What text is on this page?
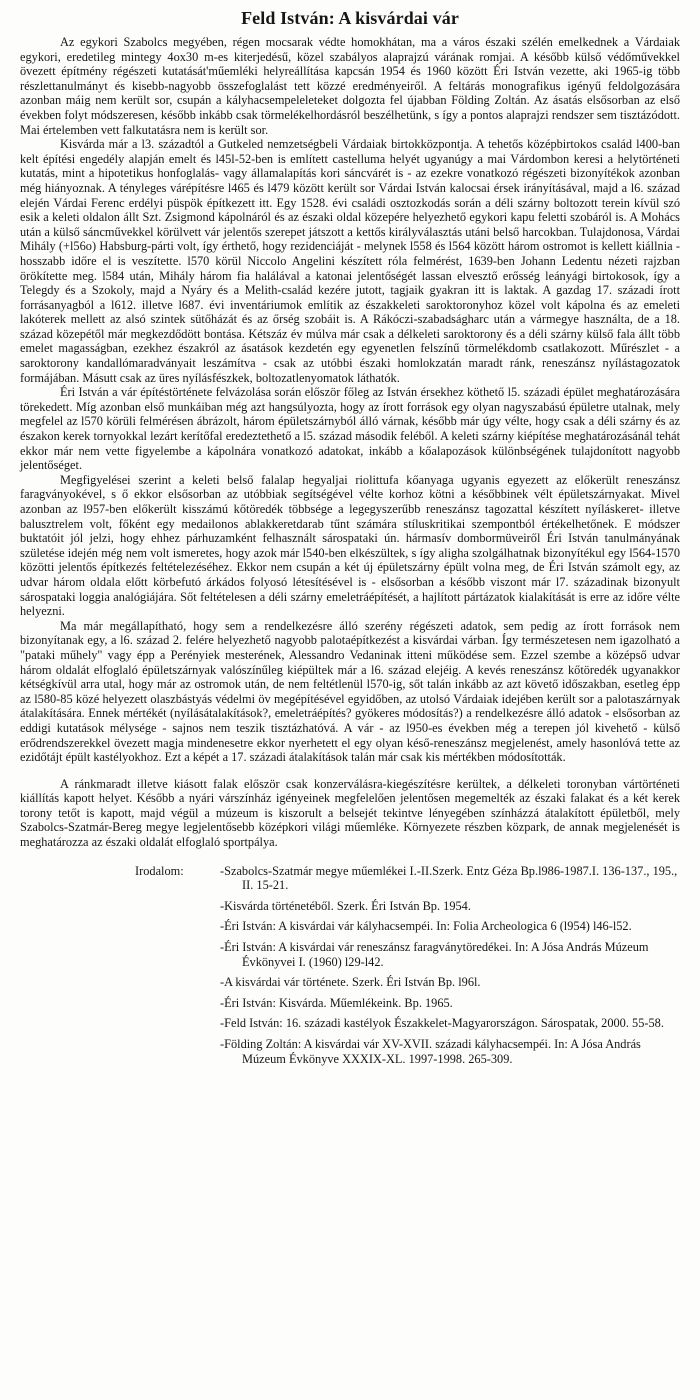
Feld István: A kisvárdai vár

Az egykori Szabolcs megyében, régen mocsarak védte homokhátan, ma a város északi szélén emelkednek a Várdaiak egykori, eredetileg mintegy 4ox30 m-es kiterjedésű, közel szabályos alaprajzú várának romjai. A később külső védőművekkel övezett építmény régészeti kutatását'műemléki helyreállítása kapcsán 1954 és 1960 között Éri István vezette, aki 1965-ig több részlettanulmányt és kisebb-nagyobb összefoglalást tett közzé eredményeiről. A feltárás monografikus igényű feldolgozására azonban máig nem került sor, csupán a kályhacsempeleleteket dolgozta fel újabban Földing Zoltán. Az ásatás elsősorban az első években folyt módszeresen, később inkább csak törmelékelhordásról beszélhetünk, s így a pontos alaprajzi rendszer sem tisztázódott. Mai értelemben vett falkutatásra nem is került sor.

Kisvárda már a l3. századtól a Gutkeled nemzetségbeli Várdaiak birtokközpontja. A tehetős középbirtokos család l400-ban kelt építési engedély alapján emelt és l45l-52-ben is említett castelluma helyét ugyanúgy a mai Várdombon keresi a helytörténeti kutatás, mint a hipotetikus honfoglalás- vagy államalapítás kori sáncvárét is - az ezekre vonatkozó régészeti bizonyítékok azonban még hiányoznak. A tényleges várépítésre l465 és l479 között került sor Várdai István kalocsai érsek irányításával, majd a l6. század elején Várdai Ferenc erdélyi püspök építkezett itt. Egy 1528. évi családi osztozkodás során a déli szárny boltozott terein kívül szó esik a keleti oldalon állt Szt. Zsigmond kápolnáról és az északi oldal közepére helyezhető egykori kapu feletti szobáról is. A Mohács után a külső sáncművekkel körülvett vár jelentős szerepet játszott a kettős királyválasztás utáni belső harcokban. Tulajdonosa, Várdai Mihály (+l56o) Habsburg-párti volt, így érthető, hogy rezidenciáját - melynek l558 és l564 között három ostromot is kellett kiállnia - hosszabb időre el is veszítette. l570 körül Niccolo Angelini készített róla felmérést, 1639-ben Johann Ledentu nézeti rajzban örökítette meg. l584 után, Mihály három fia halálával a katonai jelentőségét lassan elvesztő erősség leányági birtokosok, így a Telegdy és a Szokoly, majd a Nyáry és a Melith-család kezére jutott, tagjaik gyakran itt is laktak. A gazdag 17. századi írott forrásanyagból a l612. illetve l687. évi inventáriumok említik az északkeleti saroktoronyhoz közel volt kápolna és az emeleti lakóterek mellett az alsó szintek sütőházát és az őrség szobáit is. A Rákóczi-szabadságharc után a vármegye használta, de a 18. század közepétől már megkezdődött bontása. Kétszáz év múlva már csak a délkeleti saroktorony és a déli szárny külső fala állt több emelet magasságban, ezekhez északról az ásatások kezdetén egy egyenetlen felszínű törmelékdomb csatlakozott. Műrészlet - a saroktorony kandallómaradványait leszámítva - csak az utóbbi északi homlokzatán maradt ránk, reneszánsz nyílástagozatok formájában. Másutt csak az üres nyílásfészkek, boltozatlenyomatok láthatók.

Éri István a vár építéstörténete felvázolása során először főleg az István érsekhez köthető l5. századi épület meghatározására törekedett. Míg azonban első munkáiban még azt hangsúlyozta, hogy az írott források egy olyan nagyszabású épületre utalnak, mely megfelel az l570 körüli felmérésen ábrázolt, három épületszárnyból álló várnak, később már úgy vélte, hogy csak a déli szárny és az északon kerek tornyokkal lezárt kerítőfal eredeztethető a l5. század második feléből. A keleti szárny kiépítése meghatározásánál tehát ekkor már nem vette figyelembe a kápolnára vonatkozó adatokat, inkább a kőalapozások különbségének tulajdonított nagyobb jelentőséget.

Megfigyelései szerint a keleti belső falalap hegyaljai riolittufa kőanyaga ugyanis egyezett az előkerült reneszánsz faragványokével, s ő ekkor elsősorban az utóbbiak segítségével vélte korhoz kötni a későbbinek vélt épületszárnyakat. Mivel azonban az l957-ben előkerült kisszámú kőtöredék többsége a legegyszerűbb reneszánsz tagozattal készített nyíláskeret- illetve balusztrelem volt, főként egy medailonos ablakkeretdarab tűnt számára stíluskritikai szempontból értékelhetőnek. E módszer buktatóit jól jelzi, hogy ehhez párhuzamként felhasznált sárospataki ún. hármasív dombormüveiről Éri István tanulmányának születése idején még nem volt ismeretes, hogy azok már l540-ben elkészültek, s így aligha szolgálhatnak bizonyítékul egy l564-1570 közötti jelentős építkezés feltételezéséhez. Ekkor nem csupán a két új épületszárny épült volna meg, de Éri István számolt egy, az udvar három oldala előtt körbefutó árkádos folyosó létesítésével is - elsősorban a később viszont már l7. századinak bizonyult sárospataki loggia analógiájára. Sőt feltételesen a déli szárny emeletráépítését, a hajlított pártázatok kialakítását is erre az időre vélte helyezni.

Ma már megállapítható, hogy sem a rendelkezésre álló szerény régészeti adatok, sem pedig az írott források nem bizonyítanak egy, a l6. század 2. felére helyezhető nagyobb palotaépítkezést a kisvárdai várban. Így természetesen nem igazolható a "pataki műhely" vagy épp a Perényiek mesterének, Alessandro Vedaninak itteni működése sem. Ezzel szembe a középső udvar három oldalát elfoglaló épületszárnyak valószínűleg kiépültek már a l6. század elejéig. A kevés reneszánsz kőtöredék ugyanakkor kétségkívül arra utal, hogy már az ostromok után, de nem feltétlenül l570-ig, sőt talán inkább az azt követő időszakban, esetleg épp az l580-85 közé helyezett olaszbástyás védelmi öv megépítésével egyidőben, az utolsó Várdaiak idejében került sor a palotaszárnyak átalakítására. Ennek mértékét (nyílásátalakítások?, emeletráépítés? gyökeres módosítás?) a rendelkezésre álló adatok - elsősorban az eddigi kutatások mélysége - sajnos nem teszik tisztázhatóvá. A vár - az l950-es években még a terepen jól kivehető - külső erődrendszerekkel övezett magja mindenesetre ekkor nyerhetett el egy olyan késő-reneszánsz megjelenést, amely hasonlóvá tette az ezidőtájt épült kastélyokhoz. Ezt a képét a 17. századi átalakítások talán már csak kis mértékben módosították.

A ránkmaradt illetve kiásott falak először csak konzerválásra-kiegészítésre kerültek, a délkeleti toronyban vártörténeti kiállítás kapott helyet. Később a nyári várszínház igényeinek megfelelően jelentősen megemelték az északi falakat és a két kerek torony tetőt is kapott, majd végül a múzeum is kiszorult a belsejét tekintve lényegében színházzá átalakított épületből, mely Szabolcs-Szatmár-Bereg megye legjelentősebb középkori világi műemléke. Környezete részben közpark, de annak megjelenését is meghatározza az északi oldalát elfoglaló sportpálya.

Irodalom:	-Szabolcs-Szatmár megye műemlékei I.-II.Szerk. Entz Géza Bp.l986-1987.I. 136-137., 195., II. 15-21.
-Kisvárda történetéből. Szerk. Éri István Bp. 1954.
-Éri István: A kisvárdai vár kályhacsempéi. In: Folia Archeologica 6 (l954) l46-l52.
-Éri István: A kisvárdai vár reneszánsz faragványtöredékei. In: A Jósa András Múzeum Évkönyvei I. (1960) l29-l42.
-A kisvárdai vár története. Szerk. Éri István Bp. l96l.
-Éri István: Kisvárda. Műemlékeink. Bp. 1965.
-Feld István: 16. századi kastélyok Északkelet-Magyarországon. Sárospatak, 2000. 55-58.
-Földing Zoltán: A kisvárdai vár XV-XVII. századi kályhacsempéi. In: A Jósa András Múzeum Évkönyve XXXIX-XL. 1997-1998. 265-309.
